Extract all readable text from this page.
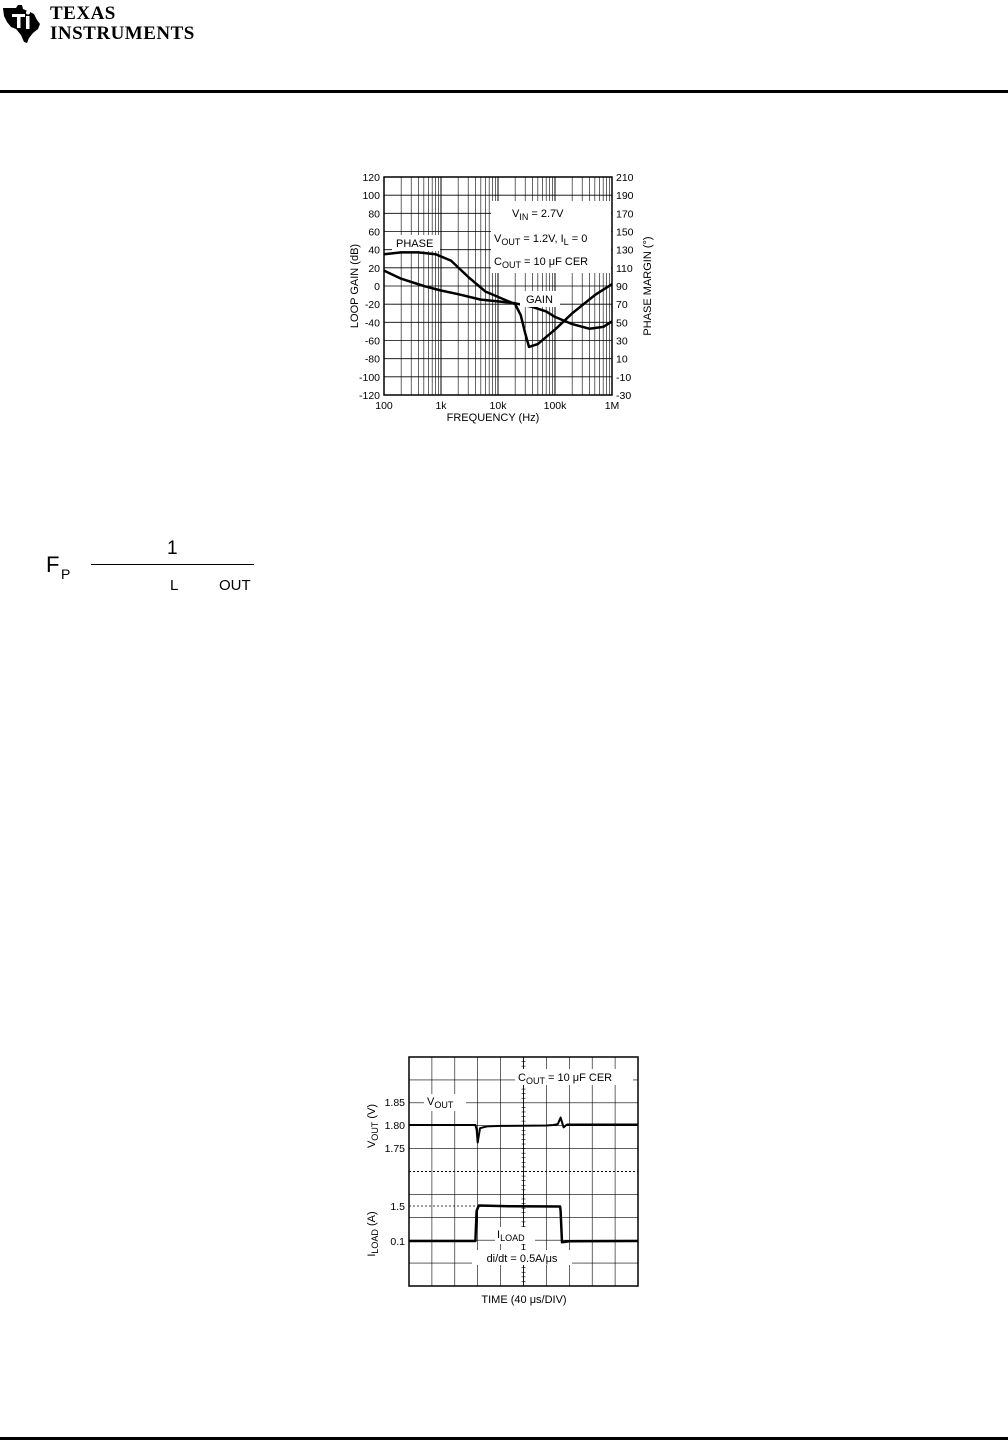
TEXAS
INSTRUMENTS
120
100
80
60
40
20
0
-20
-40
-60
-80
-100
-120
210
190
170
150
130
110
90
70
50
30
10
-10
-30
100	1k	10k	100k	1M
FREQUENCY (Hz)
LOOP GAIN (dB)	PHASE MARGIN (°)
$V_{IN} = 2.7V$
$V_{OUT} = 1.2V$, $I_L = 0$
$C_{OUT} = 10$ μF CER
PHASE
GAIN
F P
1
L	OUT
1.85
1.80
1.75
1.5
0.1
$V_{OUT}$ (V)
$I_{LOAD}$ (A)
$C_{OUT} = 10$ μF CER
$V_{OUT}$
$I_{LOAD}$
di/dt = 0.5A/μs
TIME (40 μs/DIV)
